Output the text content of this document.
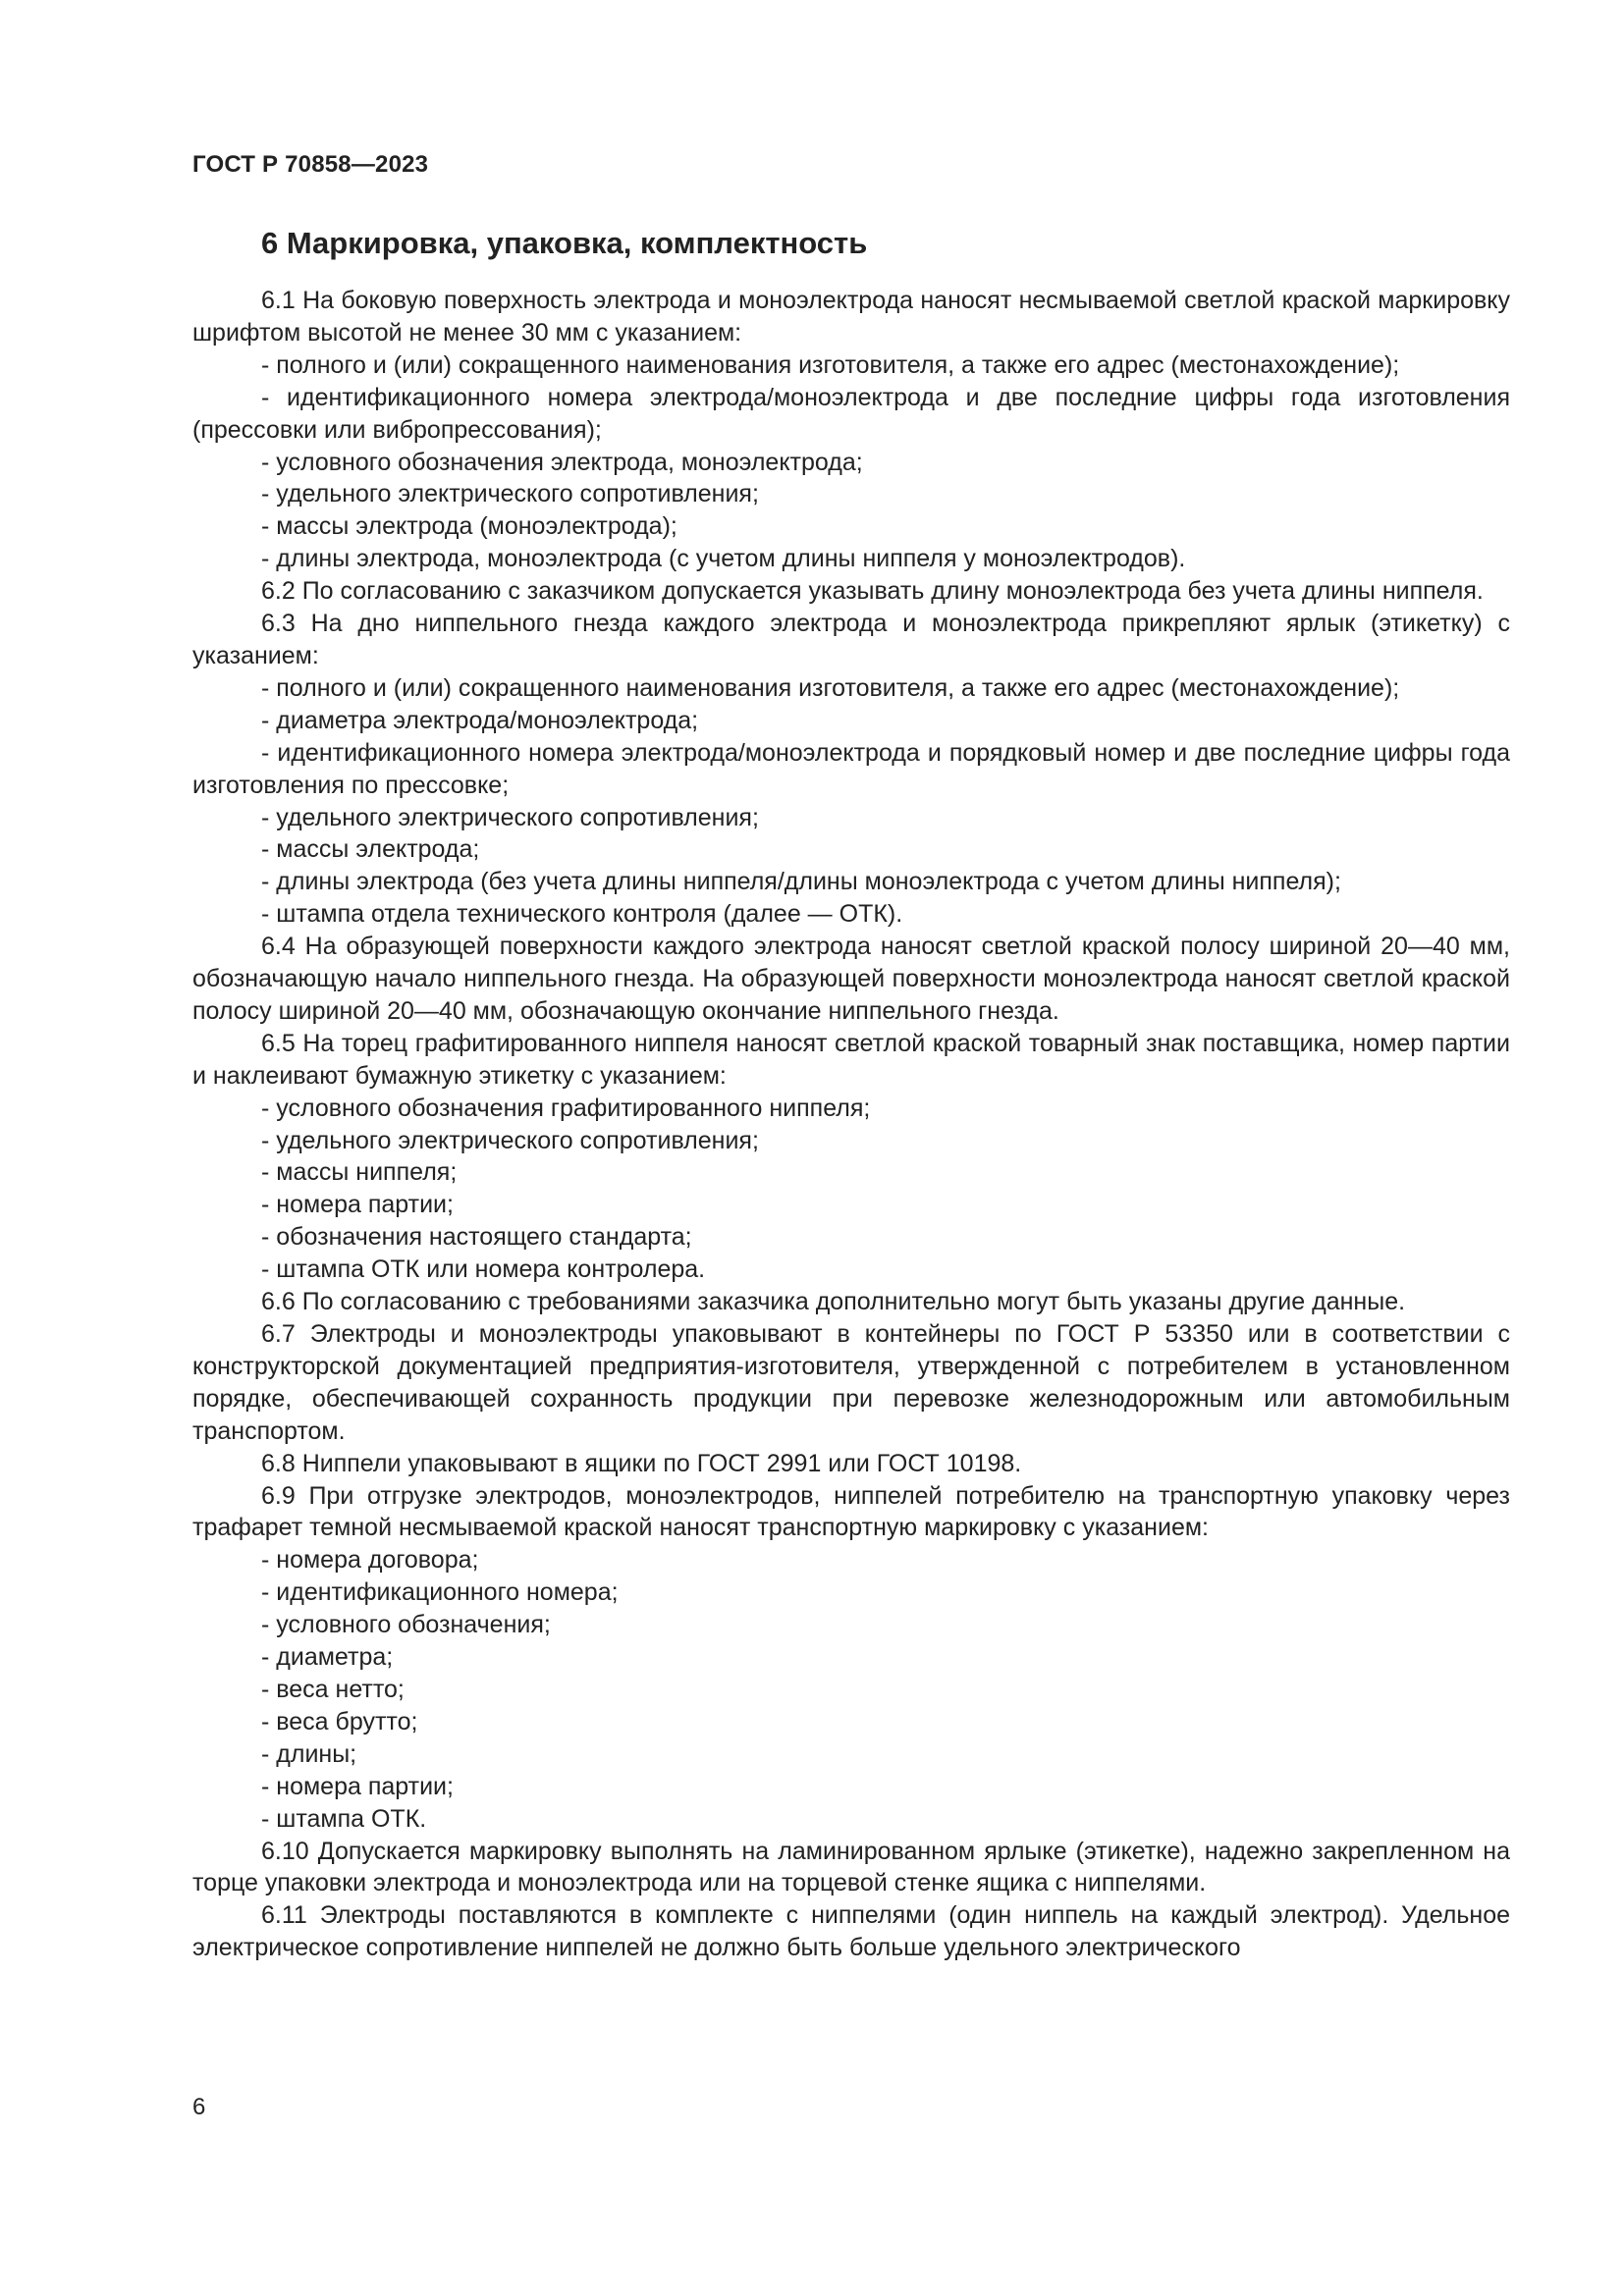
ГОСТ Р 70858—2023
6 Маркировка, упаковка, комплектность

6.1 На боковую поверхность электрода и моноэлектрода наносят несмываемой светлой краской маркировку шрифтом высотой не менее 30 мм с указанием:

- полного и (или) сокращенного наименования изготовителя, а также его адрес (местонахождение);

- идентификационного номера электрода/моноэлектрода и две последние цифры года изготовления (прессовки или вибропрессования);

- условного обозначения электрода, моноэлектрода;

- удельного электрического сопротивления;

- массы электрода (моноэлектрода);

- длины электрода, моноэлектрода (с учетом длины ниппеля у моноэлектродов).

6.2 По согласованию с заказчиком допускается указывать длину моноэлектрода без учета длины ниппеля.

6.3 На дно ниппельного гнезда каждого электрода и моноэлектрода прикрепляют ярлык (этикетку) с указанием:

- полного и (или) сокращенного наименования изготовителя, а также его адрес (местонахождение);

- диаметра электрода/моноэлектрода;

- идентификационного номера электрода/моноэлектрода и порядковый номер и две последние цифры года изготовления по прессовке;

- удельного электрического сопротивления;

- массы электрода;

- длины электрода (без учета длины ниппеля/длины моноэлектрода с учетом длины ниппеля);

- штампа отдела технического контроля (далее — ОТК).

6.4 На образующей поверхности каждого электрода наносят светлой краской полосу шириной 20—40 мм, обозначающую начало ниппельного гнезда. На образующей поверхности моноэлектрода наносят светлой краской полосу шириной 20—40 мм, обозначающую окончание ниппельного гнезда.

6.5 На торец графитированного ниппеля наносят светлой краской товарный знак поставщика, номер партии и наклеивают бумажную этикетку с указанием:

- условного обозначения графитированного ниппеля;

- удельного электрического сопротивления;

- массы ниппеля;

- номера партии;

- обозначения настоящего стандарта;

- штампа ОТК или номера контролера.

6.6 По согласованию с требованиями заказчика дополнительно могут быть указаны другие данные.

6.7 Электроды и моноэлектроды упаковывают в контейнеры по ГОСТ Р 53350 или в соответствии с конструкторской документацией предприятия-изготовителя, утвержденной с потребителем в установленном порядке, обеспечивающей сохранность продукции при перевозке железнодорожным или автомобильным транспортом.

6.8 Ниппели упаковывают в ящики по ГОСТ 2991 или ГОСТ 10198.

6.9 При отгрузке электродов, моноэлектродов, ниппелей потребителю на транспортную упаковку через трафарет темной несмываемой краской наносят транспортную маркировку с указанием:

- номера договора;

- идентификационного номера;

- условного обозначения;

- диаметра;

- веса нетто;

- веса брутто;

- длины;

- номера партии;

- штампа ОТК.

6.10 Допускается маркировку выполнять на ламинированном ярлыке (этикетке), надежно закрепленном на торце упаковки электрода и моноэлектрода или на торцевой стенке ящика с ниппелями.

6.11 Электроды поставляются в комплекте с ниппелями (один ниппель на каждый электрод). Удельное электрическое сопротивление ниппелей не должно быть больше удельного электрического

6
